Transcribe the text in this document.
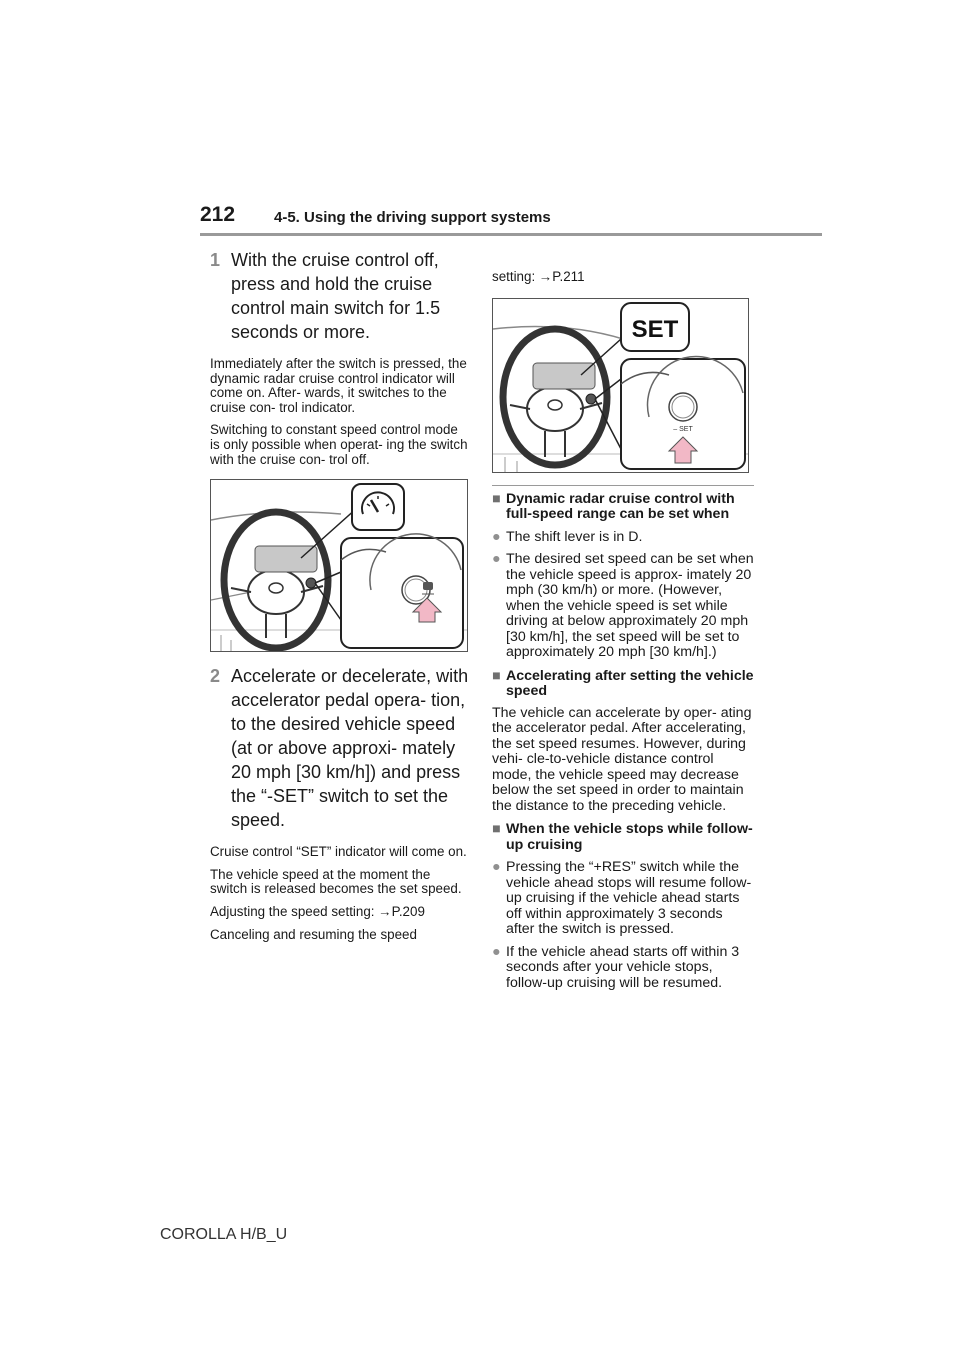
212	4-5. Using the driving support systems
1 With the cruise control off, press and hold the cruise control main switch for 1.5 seconds or more.
Immediately after the switch is pressed, the dynamic radar cruise control indicator will come on. After- wards, it switches to the cruise con- trol indicator.
Switching to constant speed control mode is only possible when operat- ing the switch with the cruise con- trol off.
2 Accelerate or decelerate, with accelerator pedal opera- tion, to the desired vehicle speed (at or above approxi- mately 20 mph [30 km/h]) and press the “-SET” switch to set the speed.
Cruise control “SET” indicator will come on.
The vehicle speed at the moment the switch is released becomes the set speed.
Adjusting the speed setting: →P.209
Canceling and resuming the speed
setting: →P.211
SET
– SET
■ Dynamic radar cruise control with full-speed range can be set when
● The shift lever is in D.
● The desired set speed can be set when the vehicle speed is approx- imately 20 mph (30 km/h) or more. (However, when the vehicle speed is set while driving at below approximately 20 mph [30 km/h], the set speed will be set to approximately 20 mph [30 km/h].)
■ Accelerating after setting the vehicle speed
The vehicle can accelerate by oper- ating the accelerator pedal. After accelerating, the set speed resumes. However, during vehi- cle-to-vehicle distance control mode, the vehicle speed may decrease below the set speed in order to maintain the distance to the preceding vehicle.
■ When the vehicle stops while follow-up cruising
● Pressing the “+RES” switch while the vehicle ahead stops will resume follow-up cruising if the vehicle ahead starts off within approximately 3 seconds after the switch is pressed.
● If the vehicle ahead starts off within 3 seconds after your vehicle stops, follow-up cruising will be resumed.
COROLLA H/B_U
